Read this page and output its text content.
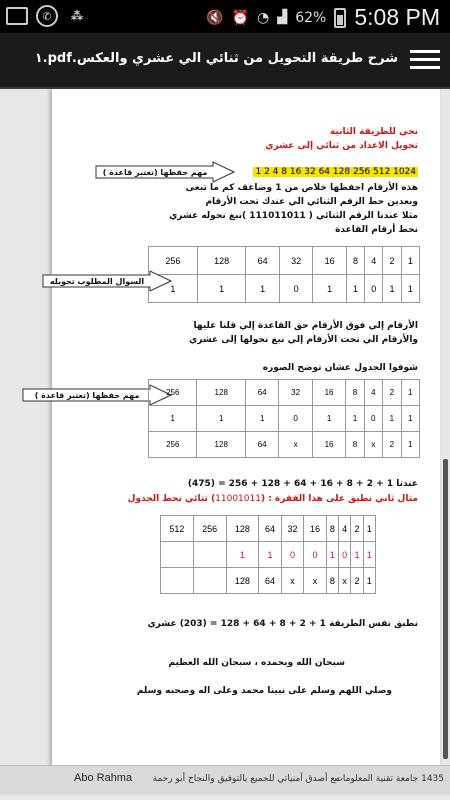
✆	⁂	🔇 ⏰ ◔ ▟ 62% 5:08 PM
شرح طريقة التحويل من ثنائي الي عشري والعكس.pdf.١
نجي للطريقة الثانية
تحويل الاعداد من ثنائي إلى عشري
1024 512 256 128 64 32 16 8 4 2 1
مهم حفظها (تعتبر قاعدة )
هذه الأرقام احفظها خلاص من 1 وضاعف كم ما تبغى
وبعدين حط الرقم الثنائي الي عندك تحت الأرقام
مثلا عندنا الرقم الثنائي ( 111011011 )نبغ نحوله عشري
نحط أرقام القاعدة
256	128	64	32	16	8	4	2	1
1	1	1	0	1	1	0	1	1
السوال المطلوب تحويله
الأرقام إلي فوق الأرقام حق القاعدة إلي قلنا عليها
والأرقام الي تحت الأرقام إلي نبغ نحولها إلى عشري
شوفوا الجدول عشان توضح الصوره
مهم حفظها (تعتبر قاعدة )	256	128	64	32	16	8	4	2	1
1	1	1	0	1	1	0	1	1
256	128	64	x	16	8	x	2	1
عندنا 1 + 2 + 8 + 16 + 64 + 128 + 256 = (475)
مثال ثاني نطبق على هذا الفقرة : (11001011) ثنائي نحط الجدول
512	256	128	64	32	16	8	4	2	1
		1	1	0	0	1	0	1	1
		128	64	x	x	8	x	2	1
نطبق نفس الطريقة 1 + 2 + 8 + 64 + 128 = (203) عشري
سبحان الله وبحمده ، سبحان الله العظيم
وصلي اللهم وسلم على نبينا محمد وعلى اله وصحبه وسلم
Abo Rahma مع أصدق أمنياتي للجميع بالتوفيق والنجاح أبو رحمة
1435 جامعة تقنية المعلومات
